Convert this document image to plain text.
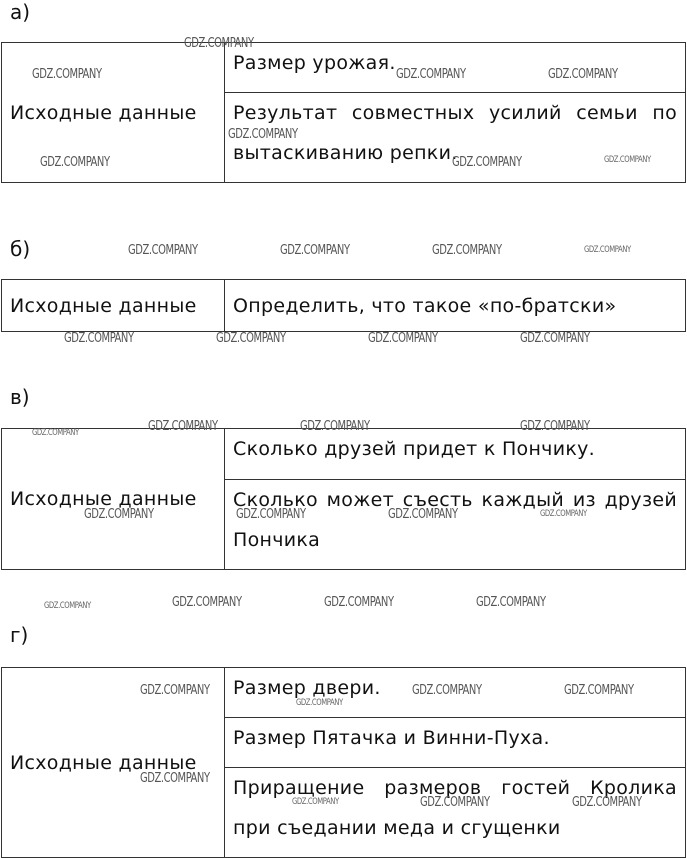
а)
Исходные данные	Размер урожая.
Результат совместных усилий семьи по вытаскиванию репки.
б)
Исходные данные	Определить, что такое «по-братски»
в)
Исходные данные	Сколько друзей придет к Пончику.
Сколько может съесть каждый из друзей Пончика
г)
Исходные данные	Размер двери.
Размер Пятачка и Винни-Пуха.
Приращение размеров гостей Кролика при съедании меда и сгущенки
GDZ.COMPANY
GDZ.COMPANY	GDZ.COMPANY	GDZ.COMPANY
GDZ.COMPANY
GDZ.COMPANY	GDZ.COMPANY	GDZ.COMPANY
GDZ.COMPANY	GDZ.COMPANY	GDZ.COMPANY	GDZ.COMPANY
GDZ.COMPANY	GDZ.COMPANY	GDZ.COMPANY	GDZ.COMPANY
GDZ.COMPANY	GDZ.COMPANY	GDZ.COMPANY	GDZ.COMPANY
GDZ.COMPANY	GDZ.COMPANY	GDZ.COMPANY	GDZ.COMPANY
GDZ.COMPANY	GDZ.COMPANY	GDZ.COMPANY	GDZ.COMPANY
GDZ.COMPANY
GDZ.COMPANY
GDZ.COMPANY	GDZ.COMPANY
GDZ.COMPANY
GDZ.COMPANY	GDZ.COMPANY	GDZ.COMPANY
